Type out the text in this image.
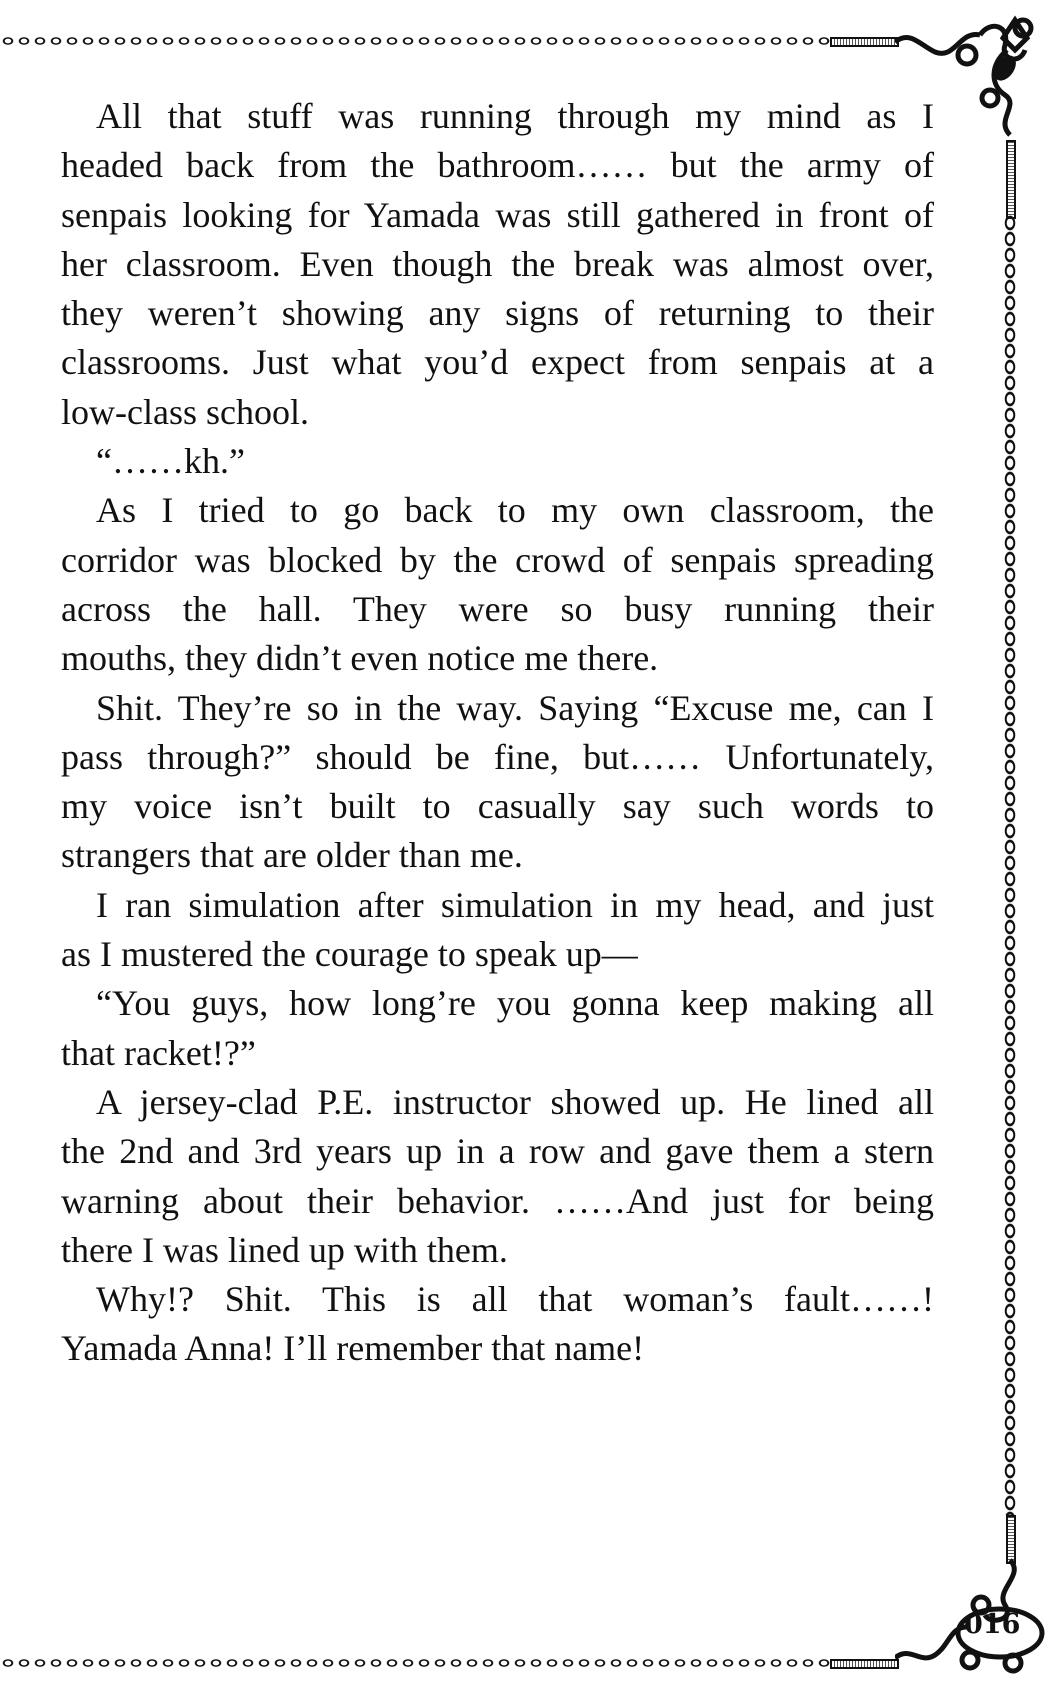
016
All that stuff was running through my mind as I
headed back from the bathroom…… but the army of
senpais looking for Yamada was still gathered in front of
her classroom. Even though the break was almost over,
they weren’t showing any signs of returning to their
classrooms. Just what you’d expect from senpais at a
low-class school.
“……kh.”
As I tried to go back to my own classroom, the
corridor was blocked by the crowd of senpais spreading
across the hall. They were so busy running their
mouths, they didn’t even notice me there.
Shit. They’re so in the way. Saying “Excuse me, can I
pass through?” should be fine, but…… Unfortunately,
my voice isn’t built to casually say such words to
strangers that are older than me.
I ran simulation after simulation in my head, and just
as I mustered the courage to speak up—
“You guys, how long’re you gonna keep making all
that racket!?”
A jersey-clad P.E. instructor showed up. He lined all
the 2nd and 3rd years up in a row and gave them a stern
warning about their behavior. ……And just for being
there I was lined up with them.
Why!? Shit. This is all that woman’s fault……!
Yamada Anna! I’ll remember that name!
